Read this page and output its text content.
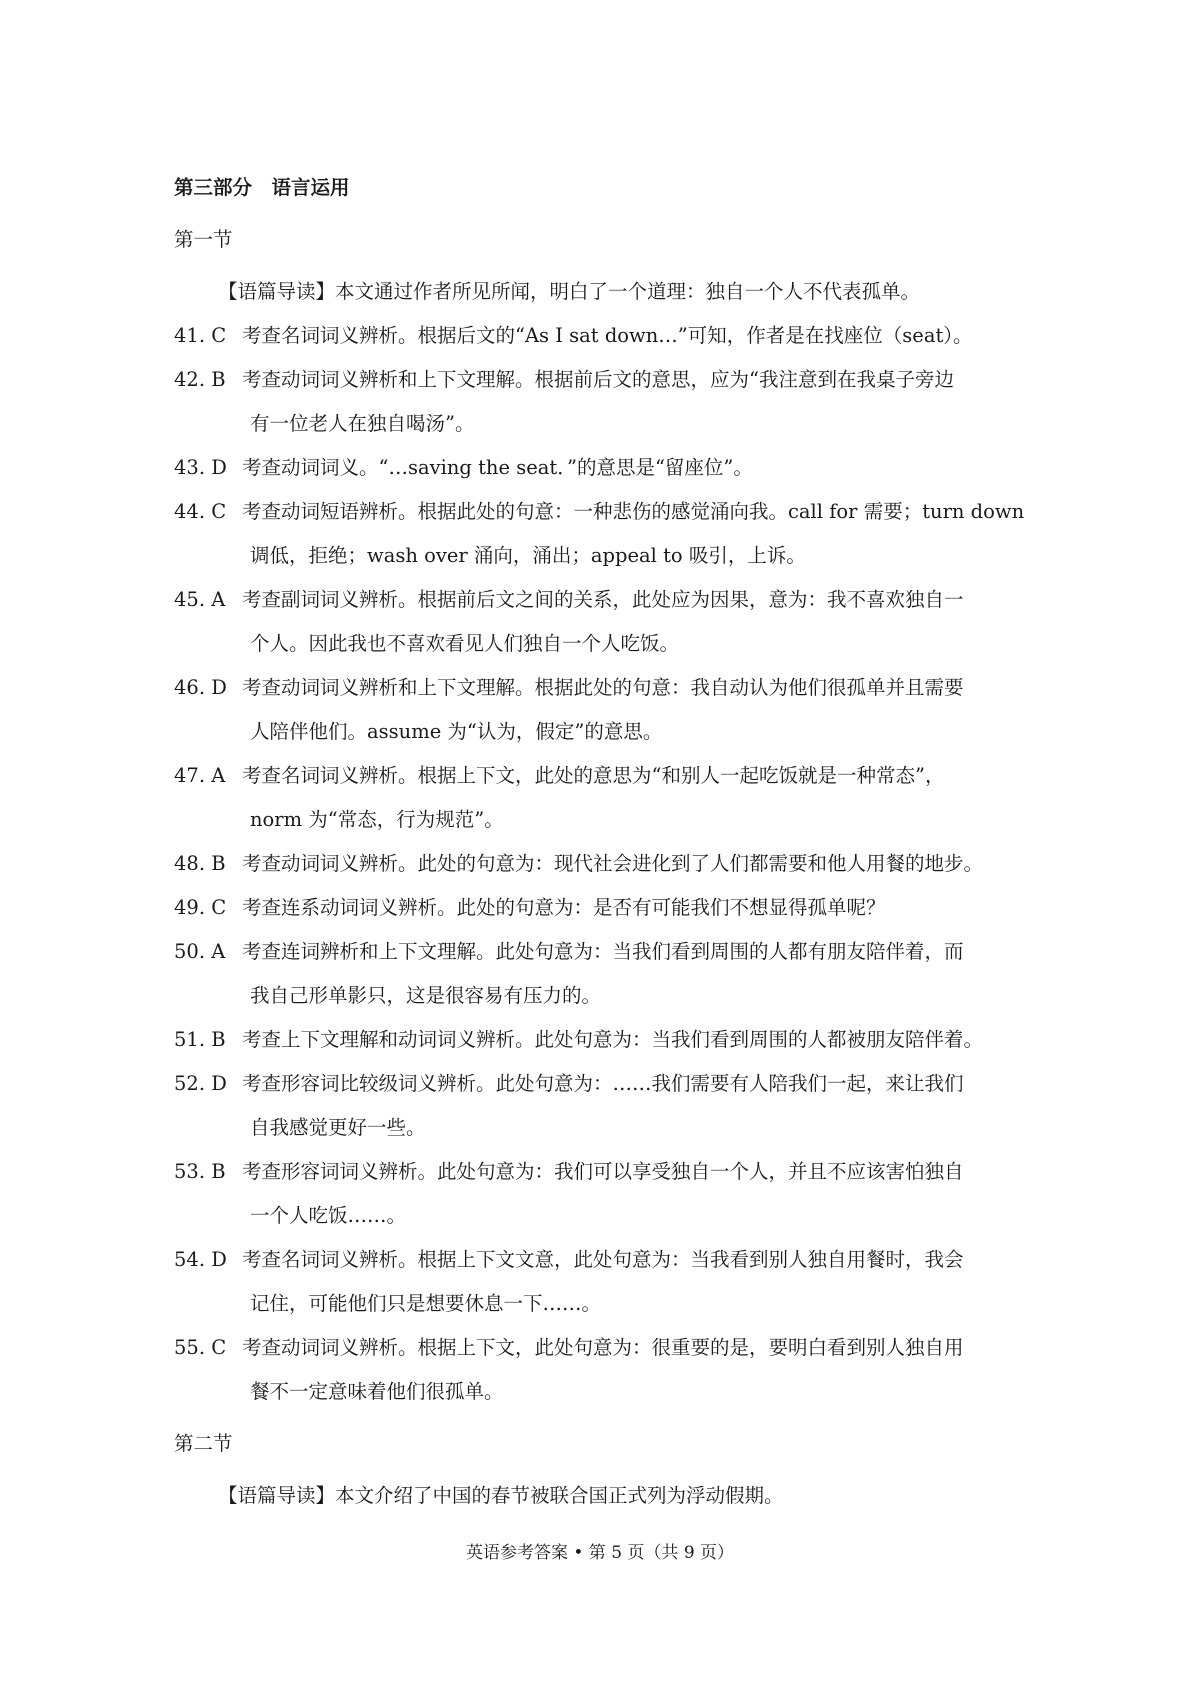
第三部分　语言运用
第一节
【语篇导读】本文通过作者所见所闻，明白了一个道理：独自一个人不代表孤单。
41. C 考查名词词义辨析。根据后文的“As I sat down…”可知，作者是在找座位（seat）。
42. B 考查动词词义辨析和上下文理解。根据前后文的意思，应为“我注意到在我桌子旁边
有一位老人在独自喝汤”。
43. D 考查动词词义。“…saving the seat．”的意思是“留座位”。
44. C 考查动词短语辨析。根据此处的句意：一种悲伤的感觉涌向我。call for 需要；turn down
调低，拒绝；wash over 涌向，涌出；appeal to 吸引，上诉。
45. A 考查副词词义辨析。根据前后文之间的关系，此处应为因果，意为：我不喜欢独自一
个人。因此我也不喜欢看见人们独自一个人吃饭。
46. D 考查动词词义辨析和上下文理解。根据此处的句意：我自动认为他们很孤单并且需要
人陪伴他们。assume 为“认为，假定”的意思。
47. A 考查名词词义辨析。根据上下文，此处的意思为“和别人一起吃饭就是一种常态”，
norm 为“常态，行为规范”。
48. B 考查动词词义辨析。此处的句意为：现代社会进化到了人们都需要和他人用餐的地步。
49. C 考查连系动词词义辨析。此处的句意为：是否有可能我们不想显得孤单呢？
50. A 考查连词辨析和上下文理解。此处句意为：当我们看到周围的人都有朋友陪伴着，而
我自己形单影只，这是很容易有压力的。
51. B 考查上下文理解和动词词义辨析。此处句意为：当我们看到周围的人都被朋友陪伴着。
52. D 考查形容词比较级词义辨析。此处句意为：……我们需要有人陪我们一起，来让我们
自我感觉更好一些。
53. B 考查形容词词义辨析。此处句意为：我们可以享受独自一个人，并且不应该害怕独自
一个人吃饭……。
54. D 考查名词词义辨析。根据上下文文意，此处句意为：当我看到别人独自用餐时，我会
记住，可能他们只是想要休息一下……。
55. C 考查动词词义辨析。根据上下文，此处句意为：很重要的是，要明白看到别人独自用
餐不一定意味着他们很孤单。
第二节
【语篇导读】本文介绍了中国的春节被联合国正式列为浮动假期。
英语参考答案 • 第 5 页（共 9 页）
